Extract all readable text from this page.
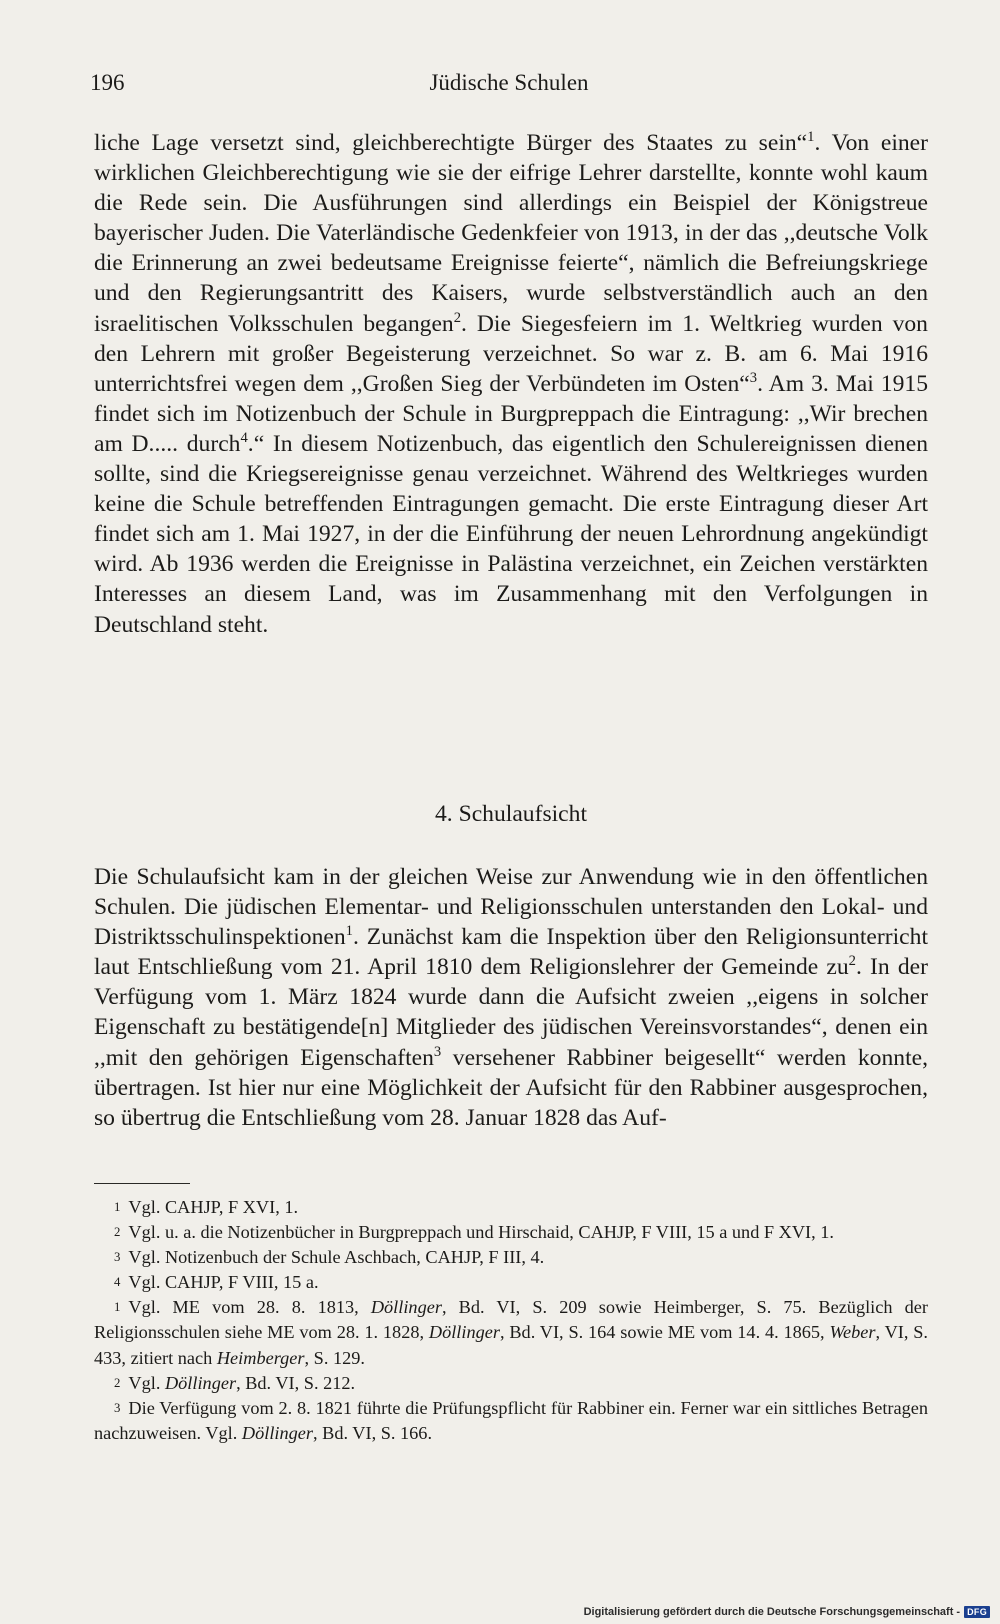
196	Jüdische Schulen

liche Lage versetzt sind, gleichberechtigte Bürger des Staates zu sein“$^1$. Von einer wirklichen Gleichberechtigung wie sie der eifrige Lehrer darstellte, konnte wohl kaum die Rede sein. Die Ausführungen sind allerdings ein Beispiel der Königstreue bayerischer Juden. Die Vaterländische Gedenkfeier von 1913, in der das ,,deutsche Volk die Erinnerung an zwei bedeutsame Ereignisse feierte“, nämlich die Befreiungskriege und den Regierungsantritt des Kaisers, wurde selbstverständlich auch an den israelitischen Volksschulen begangen$^2$. Die Siegesfeiern im 1. Weltkrieg wurden von den Lehrern mit großer Begeisterung verzeichnet. So war z. B. am 6. Mai 1916 unterrichtsfrei wegen dem ,,Großen Sieg der Verbündeten im Osten“$^3$. Am 3. Mai 1915 findet sich im Notizenbuch der Schule in Burgpreppach die Eintragung: ,,Wir brechen am D..... durch$^4$.“ In diesem Notizenbuch, das eigentlich den Schulereignissen dienen sollte, sind die Kriegsereignisse genau verzeichnet. Während des Weltkrieges wurden keine die Schule betreffenden Eintragungen gemacht. Die erste Eintragung dieser Art findet sich am 1. Mai 1927, in der die Einführung der neuen Lehrordnung angekündigt wird. Ab 1936 werden die Ereignisse in Palästina verzeichnet, ein Zeichen verstärkten Interesses an diesem Land, was im Zusammenhang mit den Verfolgungen in Deutschland steht.

4. Schulaufsicht

Die Schulaufsicht kam in der gleichen Weise zur Anwendung wie in den öffentlichen Schulen. Die jüdischen Elementar- und Religionsschulen unterstanden den Lokal- und Distriktsschulinspektionen$^1$. Zunächst kam die Inspektion über den Religionsunterricht laut Entschließung vom 21. April 1810 dem Religionslehrer der Gemeinde $zu^2$. In der Verfügung vom 1. März 1824 wurde dann die Aufsicht zweien ,,eigens in solcher Eigenschaft zu bestätigende[n] Mitglieder des jüdischen Vereinsvorstandes“, denen ein ,,mit den gehörigen Eigenschaften$^3$ versehener Rabbiner beigesellt“ werden konnte, übertragen. Ist hier nur eine Möglichkeit der Aufsicht für den Rabbiner ausgesprochen, so übertrug die Entschließung vom 28. Januar 1828 das Auf-

1 Vgl. CAHJP, F XVI, 1.

2 Vgl. u. a. die Notizenbücher in Burgpreppach und Hirschaid, CAHJP, F VIII, 15 a und F XVI, 1.

3 Vgl. Notizenbuch der Schule Aschbach, CAHJP, F III, 4.

4 Vgl. CAHJP, F VIII, 15 a.

1 Vgl. ME vom 28. 8. 1813, Döllinger, Bd. VI, S. 209 sowie Heimberger, S. 75. Bezüglich der Religionsschulen siehe ME vom 28. 1. 1828, Döllinger, Bd. VI, S. 164 sowie ME vom 14. 4. 1865, Weber, VI, S. 433, zitiert nach Heimberger, S. 129.

2 Vgl. Döllinger, Bd. VI, S. 212.

3 Die Verfügung vom 2. 8. 1821 führte die Prüfungspflicht für Rabbiner ein. Ferner war ein sittliches Betragen nachzuweisen. Vgl. Döllinger, Bd. VI, S. 166.

Digitalisierung gefördert durch die Deutsche Forschungsgemeinschaft - DFG
